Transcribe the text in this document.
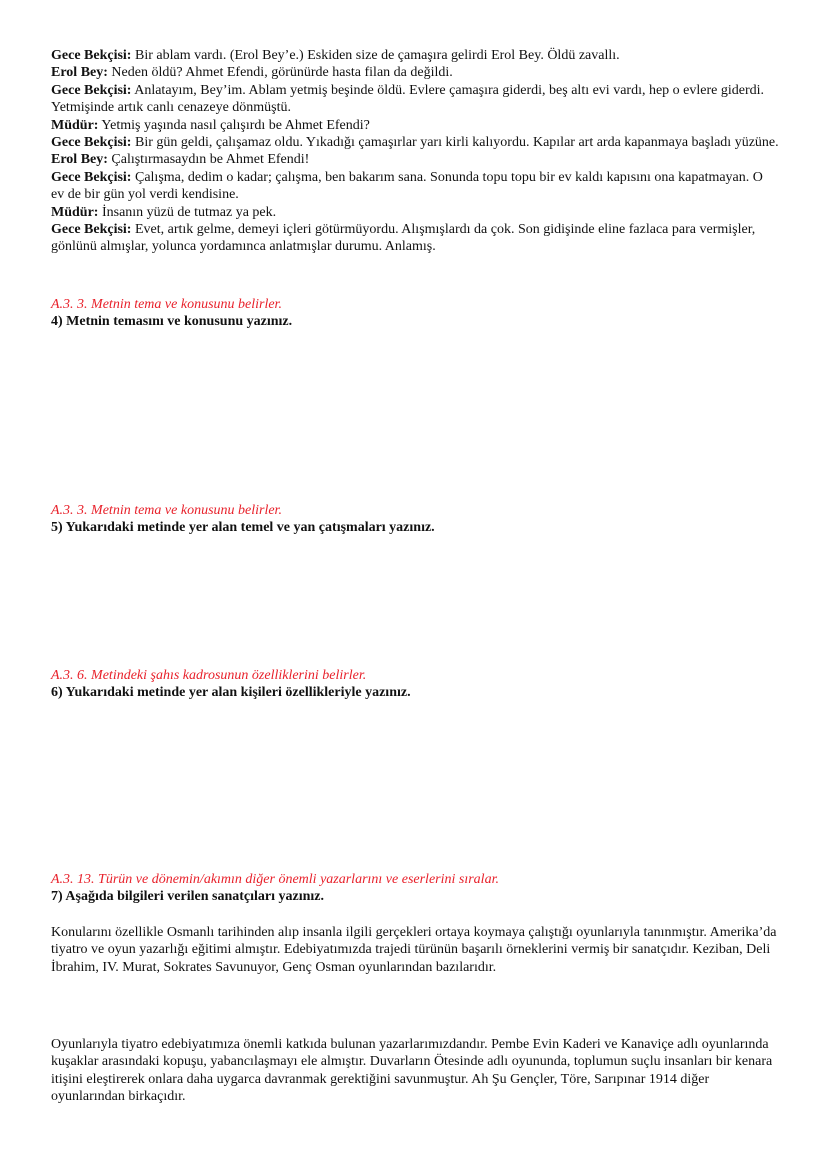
Gece Bekçisi: Bir ablam vardı. (Erol Bey’e.) Eskiden size de çamaşıra gelirdi Erol Bey. Öldü zavallı.
Erol Bey: Neden öldü? Ahmet Efendi, görünürde hasta filan da değildi.
Gece Bekçisi: Anlatayım, Bey’im. Ablam yetmiş beşinde öldü. Evlere çamaşıra giderdi, beş altı evi vardı, hep o evlere giderdi. Yetmişinde artık canlı cenazeye dönmüştü.
Müdür: Yetmiş yaşında nasıl çalışırdı be Ahmet Efendi?
Gece Bekçisi: Bir gün geldi, çalışamaz oldu. Yıkadığı çamaşırlar yarı kirli kalıyordu. Kapılar art arda kapanmaya başladı yüzüne.
Erol Bey: Çalıştırmasaydın be Ahmet Efendi!
Gece Bekçisi: Çalışma, dedim o kadar; çalışma, ben bakarım sana. Sonunda topu topu bir ev kaldı kapısını ona kapatmayan. O ev de bir gün yol verdi kendisine.
Müdür: İnsanın yüzü de tutmaz ya pek.
Gece Bekçisi: Evet, artık gelme, demeyi içleri götürmüyordu. Alışmışlardı da çok. Son gidişinde eline fazlaca para vermişler, gönlünü almışlar, yolunca yordamınca anlatmışlar durumu. Anlamış.
A.3. 3. Metnin tema ve konusunu belirler.
4) Metnin temasını ve konusunu yazınız.
A.3. 3. Metnin tema ve konusunu belirler.
5) Yukarıdaki metinde yer alan temel ve yan çatışmaları yazınız.
A.3. 6. Metindeki şahıs kadrosunun özelliklerini belirler.
6) Yukarıdaki metinde yer alan kişileri özellikleriyle yazınız.
A.3. 13. Türün ve dönemin/akımın diğer önemli yazarlarını ve eserlerini sıralar.
7) Aşağıda bilgileri verilen sanatçıları yazınız.
Konularını özellikle Osmanlı tarihinden alıp insanla ilgili gerçekleri ortaya koymaya çalıştığı oyunlarıyla tanınmıştır. Amerika’da tiyatro ve oyun yazarlığı eğitimi almıştır. Edebiyatımızda trajedi türünün başarılı örneklerini vermiş bir sanatçıdır. Keziban, Deli İbrahim, IV. Murat, Sokrates Savunuyor, Genç Osman oyunlarından bazılarıdır.
Oyunlarıyla tiyatro edebiyatımıza önemli katkıda bulunan yazarlarımızdandır. Pembe Evin Kaderi ve Kanaviçe adlı oyunlarında kuşaklar arasındaki kopuşu, yabancılaşmayı ele almıştır. Duvarların Ötesinde adlı oyununda, toplumun suçlu insanları bir kenara itişini eleştirerek onlara daha uygarca davranmak gerektiğini savunmuştur. Ah Şu Gençler, Töre, Sarıpınar 1914 diğer oyunlarından birkaçıdır.
